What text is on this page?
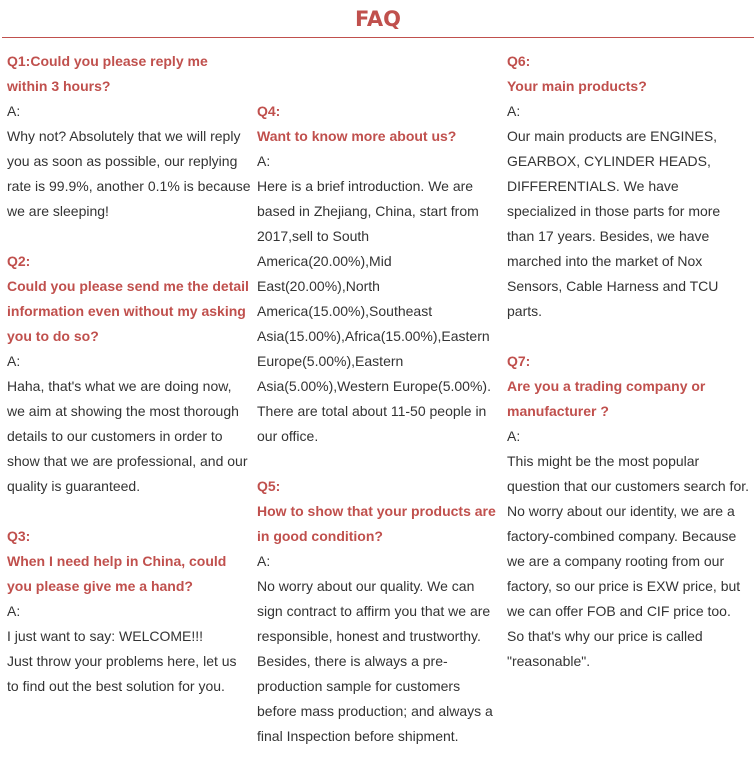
FAQ

Q1:Could you please reply me within 3 hours?

A:

Why not? Absolutely that we will reply you as soon as possible, our replying rate is 99.9%, another 0.1% is because we are sleeping!

Q2:

Could you please send me the detail information even without my asking you to do so?

A:

Haha, that's what we are doing now, we aim at showing the most thorough details to our customers in order to show that we are professional, and our quality is guaranteed.

Q3:

When I need help in China, could you please give me a hand?

A:

I just want to say: WELCOME!!!

Just throw your problems here, let us to find out the best solution for you.

Q4:

Want to know more about us?

A:

Here is a brief introduction. We are based in Zhejiang, China, start from 2017,sell to South America(20.00%),Mid East(20.00%),North America(15.00%),Southeast Asia(15.00%),Africa(15.00%),Eastern Europe(5.00%),Eastern Asia(5.00%),Western Europe(5.00%). There are total about 11-50 people in our office.

Q5:

How to show that your products are in good condition?

A:

No worry about our quality. We can sign contract to affirm you that we are responsible, honest and trustworthy. Besides, there is always a pre-production sample for customers before mass production; and always a final Inspection before shipment.

Q6:

Your main products?

A:

Our main products are ENGINES, GEARBOX, CYLINDER HEADS, DIFFERENTIALS. We have specialized in those parts for more than 17 years. Besides, we have marched into the market of Nox Sensors, Cable Harness and TCU parts.

Q7:

Are you a trading company or manufacturer ?

A:

This might be the most popular question that our customers search for. No worry about our identity, we are a factory-combined company. Because we are a company rooting from our factory, so our price is EXW price, but we can offer FOB and CIF price too. So that's why our price is called "reasonable".
